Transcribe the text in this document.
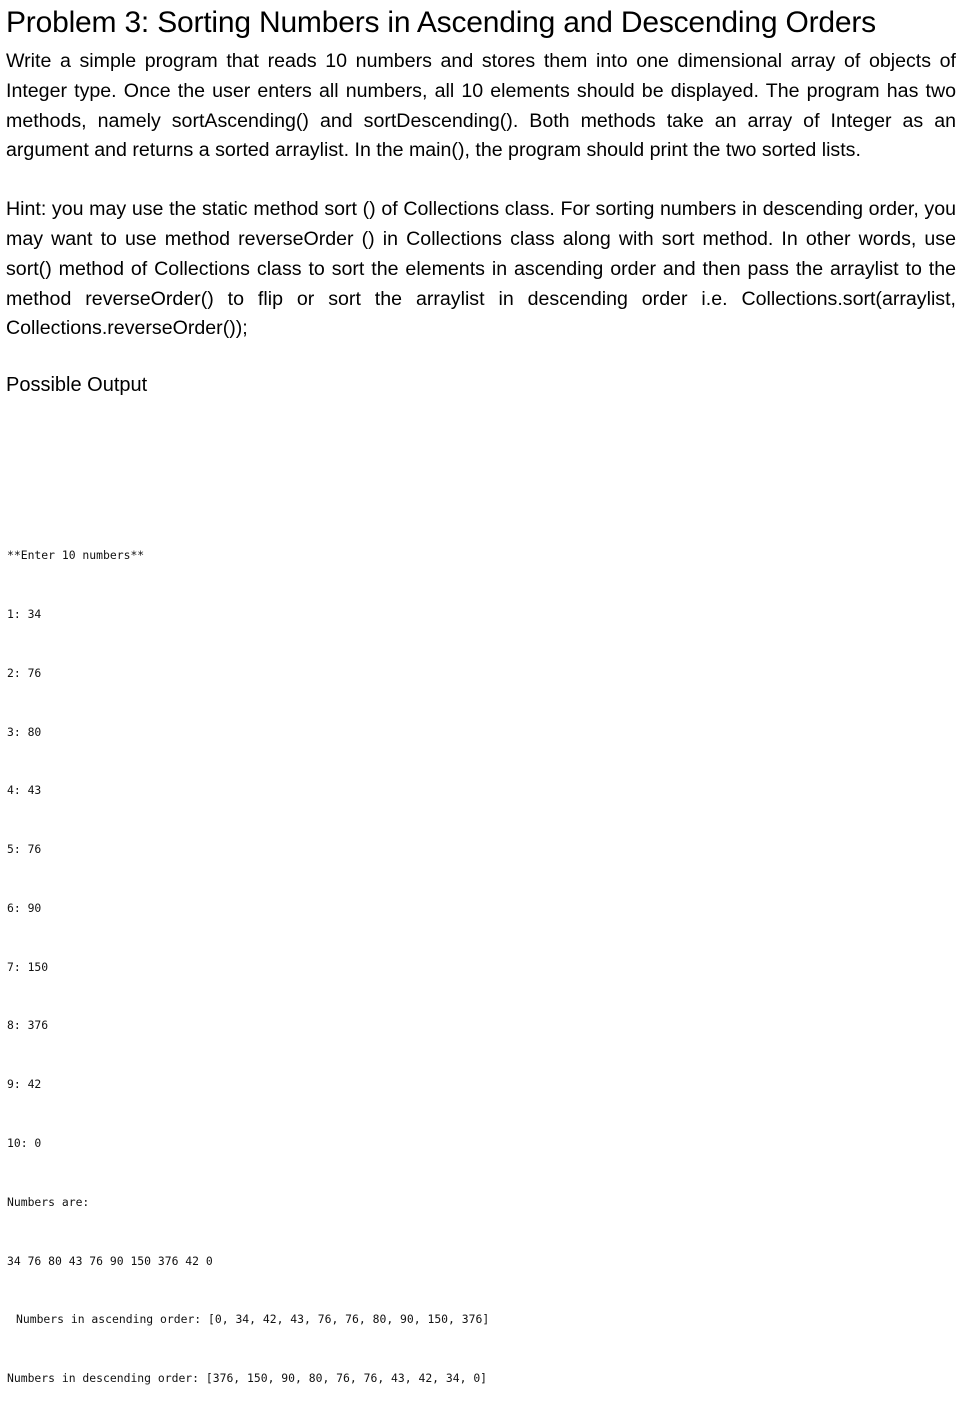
Problem 3: Sorting Numbers in Ascending and Descending Orders

Write a simple program that reads 10 numbers and stores them into one dimensional array of objects of Integer type. Once the user enters all numbers, all 10 elements should be displayed. The program has two methods, namely sortAscending() and sortDescending(). Both methods take an array of Integer as an argument and returns a sorted arraylist. In the main(), the program should print the two sorted lists.

Hint: you may use the static method sort () of Collections class. For sorting numbers in descending order, you may want to use method reverseOrder () in Collections class along with sort method. In other words, use sort() method of Collections class to sort the elements in ascending order and then pass the arraylist to the method reverseOrder() to flip or sort the arraylist in descending order i.e. Collections.sort(arraylist, Collections.reverseOrder());

Possible Output

**Enter 10 numbers**

1: 34

2: 76

3: 80

4: 43

5: 76

6: 90

7: 150

8: 376

9: 42

10: 0

Numbers are:

34 76 80 43 76 90 150 376 42 0

Numbers in ascending order: [0, 34, 42, 43, 76, 76, 80, 90, 150, 376]

Numbers in descending order: [376, 150, 90, 80, 76, 76, 43, 42, 34, 0]
